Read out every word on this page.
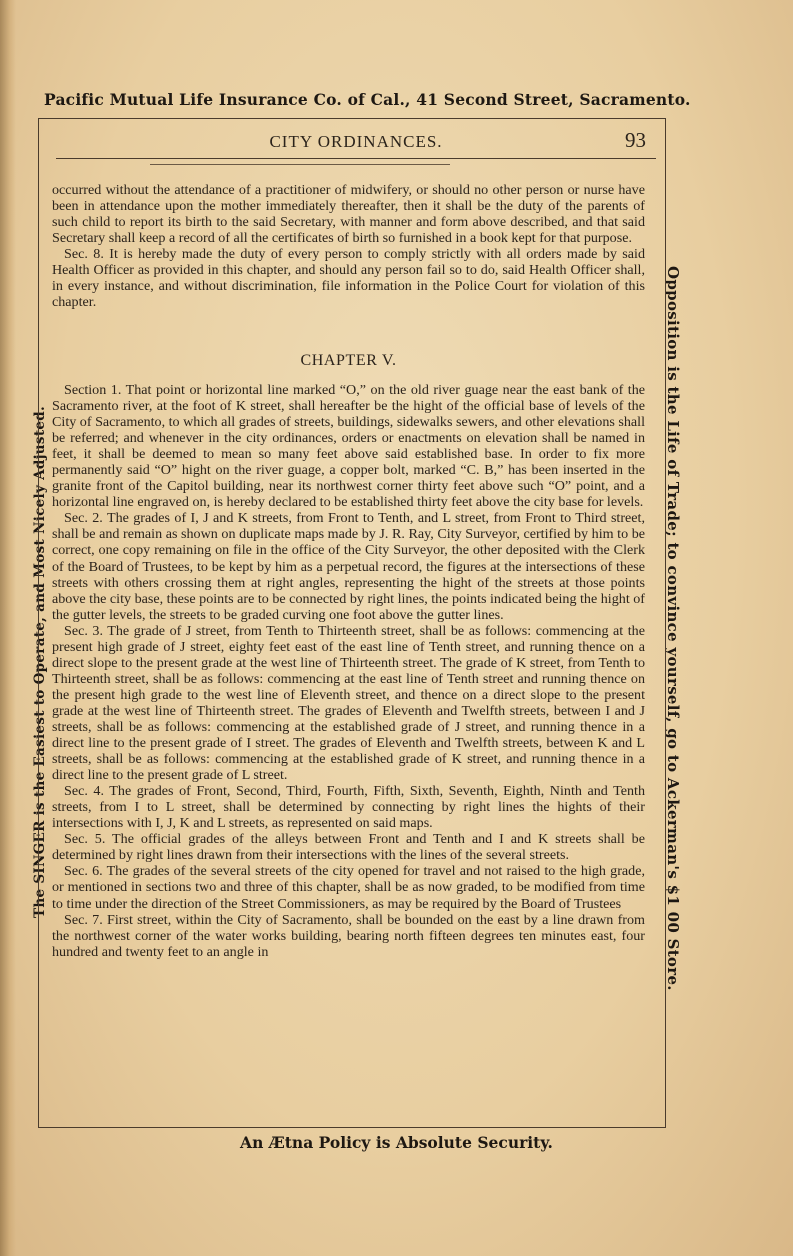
Pacific Mutual Life Insurance Co. of Cal., 41 Second Street, Sacramento.
The SINGER is the Easiest to Operate, and Most Nicely Adjusted.	Opposition is the Life of Trade; to convince yourself, go to Ackerman's $1 00 Store.
CITY ORDINANCES.	93

occurred without the attendance of a practitioner of midwifery, or should no other person or nurse have been in attendance upon the mother immediately thereafter, then it shall be the duty of the parents of such child to report its birth to the said Secretary, with manner and form above described, and that said Secretary shall keep a record of all the certificates of birth so furnished in a book kept for that purpose.

Sec. 8. It is hereby made the duty of every person to comply strictly with all orders made by said Health Officer as provided in this chapter, and should any person fail so to do, said Health Officer shall, in every instance, and without discrimination, file information in the Police Court for violation of this chapter.

CHAPTER V.

Section 1. That point or horizontal line marked “O,” on the old river guage near the east bank of the Sacramento river, at the foot of K street, shall hereafter be the hight of the official base of levels of the City of Sacramento, to which all grades of streets, buildings, sidewalks sewers, and other elevations shall be referred; and whenever in the city ordinances, orders or enactments on elevation shall be named in feet, it shall be deemed to mean so many feet above said established base. In order to fix more permanently said “O” hight on the river guage, a copper bolt, marked “C. B,” has been inserted in the granite front of the Capitol building, near its northwest corner thirty feet above such “O” point, and a horizontal line engraved on, is hereby declared to be established thirty feet above the city base for levels.

Sec. 2. The grades of I, J and K streets, from Front to Tenth, and L street, from Front to Third street, shall be and remain as shown on duplicate maps made by J. R. Ray, City Surveyor, certified by him to be correct, one copy remaining on file in the office of the City Surveyor, the other deposited with the Clerk of the Board of Trustees, to be kept by him as a perpetual record, the figures at the intersections of these streets with others crossing them at right angles, representing the hight of the streets at those points above the city base, these points are to be connected by right lines, the points indicated being the hight of the gutter levels, the streets to be graded curving one foot above the gutter lines.

Sec. 3. The grade of J street, from Tenth to Thirteenth street, shall be as follows: commencing at the present high grade of J street, eighty feet east of the east line of Tenth street, and running thence on a direct slope to the present grade at the west line of Thirteenth street. The grade of K street, from Tenth to Thirteenth street, shall be as follows: commencing at the east line of Tenth street and running thence on the present high grade to the west line of Eleventh street, and thence on a direct slope to the present grade at the west line of Thirteenth street. The grades of Eleventh and Twelfth streets, between I and J streets, shall be as follows: commencing at the established grade of J street, and running thence in a direct line to the present grade of I street. The grades of Eleventh and Twelfth streets, between K and L streets, shall be as follows: commencing at the established grade of K street, and running thence in a direct line to the present grade of L street.

Sec. 4. The grades of Front, Second, Third, Fourth, Fifth, Sixth, Seventh, Eighth, Ninth and Tenth streets, from I to L street, shall be determined by connecting by right lines the hights of their intersections with I, J, K and L streets, as represented on said maps.

Sec. 5. The official grades of the alleys between Front and Tenth and I and K streets shall be determined by right lines drawn from their intersections with the lines of the several streets.

Sec. 6. The grades of the several streets of the city opened for travel and not raised to the high grade, or mentioned in sections two and three of this chapter, shall be as now graded, to be modified from time to time under the direction of the Street Commissioners, as may be required by the Board of Trustees

Sec. 7. First street, within the City of Sacramento, shall be bounded on the east by a line drawn from the northwest corner of the water works building, bearing north fifteen degrees ten minutes east, four hundred and twenty feet to an angle in

An Ætna Policy is Absolute Security.
